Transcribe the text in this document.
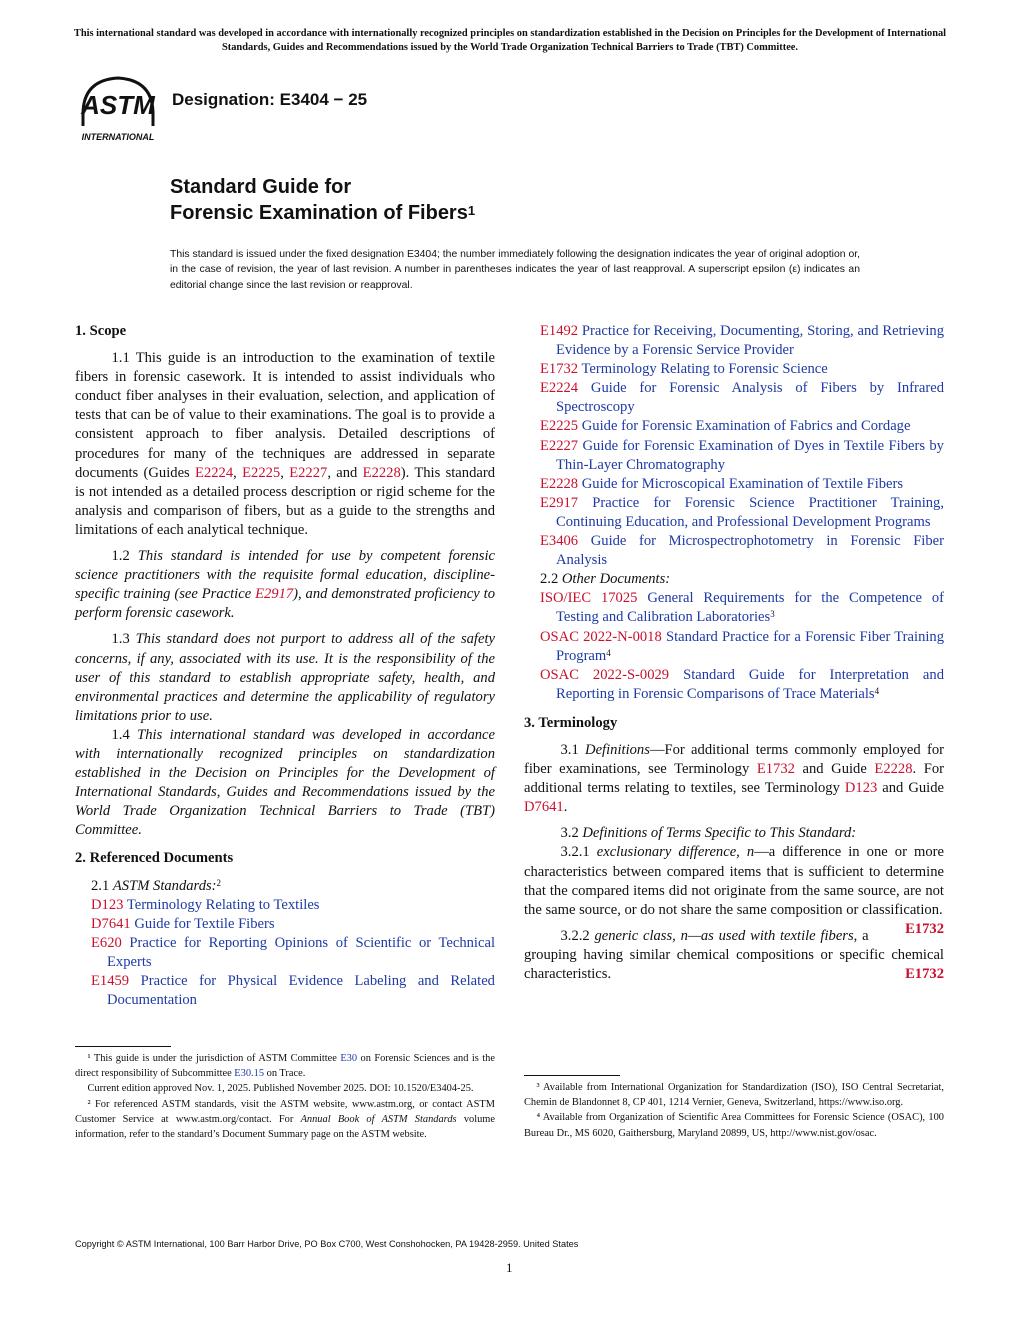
This international standard was developed in accordance with internationally recognized principles on standardization established in the Decision on Principles for the Development of International Standards, Guides and Recommendations issued by the World Trade Organization Technical Barriers to Trade (TBT) Committee.
ASTM
INTERNATIONAL
Designation: E3404 − 25
Standard Guide for
Forensic Examination of Fibers$^1$
This standard is issued under the fixed designation E3404; the number immediately following the designation indicates the year of original adoption or, in the case of revision, the year of last revision. A number in parentheses indicates the year of last reapproval. A superscript epsilon (ε) indicates an editorial change since the last revision or reapproval.
1. Scope

1.1 This guide is an introduction to the examination of textile fibers in forensic casework. It is intended to assist individuals who conduct fiber analyses in their evaluation, selection, and application of tests that can be of value to their examinations. The goal is to provide a consistent approach to fiber analysis. Detailed descriptions of procedures for many of the techniques are addressed in separate documents (Guides E2224, E2225, E2227, and E2228). This standard is not intended as a detailed process description or rigid scheme for the analysis and comparison of fibers, but as a guide to the strengths and limitations of each analytical technique.

1.2 This standard is intended for use by competent forensic science practitioners with the requisite formal education, discipline-specific training (see Practice E2917), and demonstrated proficiency to perform forensic casework.

1.3 This standard does not purport to address all of the safety concerns, if any, associated with its use. It is the responsibility of the user of this standard to establish appropriate safety, health, and environmental practices and determine the applicability of regulatory limitations prior to use.

1.4 This international standard was developed in accordance with internationally recognized principles on standardization established in the Decision on Principles for the Development of International Standards, Guides and Recommendations issued by the World Trade Organization Technical Barriers to Trade (TBT) Committee.

2. Referenced Documents
2.1 ASTM Standards:$^2$
D123 Terminology Relating to Textiles
D7641 Guide for Textile Fibers
E620 Practice for Reporting Opinions of Scientific or Technical Experts
E1459 Practice for Physical Evidence Labeling and Related Documentation

¹ This guide is under the jurisdiction of ASTM Committee E30 on Forensic Sciences and is the direct responsibility of Subcommittee E30.15 on Trace.

Current edition approved Nov. 1, 2025. Published November 2025. DOI: 10.1520/E3404-25.

² For referenced ASTM standards, visit the ASTM website, www.astm.org, or contact ASTM Customer Service at www.astm.org/contact. For Annual Book of ASTM Standards volume information, refer to the standard’s Document Summary page on the ASTM website.

E1492 Practice for Receiving, Documenting, Storing, and Retrieving Evidence by a Forensic Service Provider
E1732 Terminology Relating to Forensic Science
E2224 Guide for Forensic Analysis of Fibers by Infrared Spectroscopy
E2225 Guide for Forensic Examination of Fabrics and Cordage
E2227 Guide for Forensic Examination of Dyes in Textile Fibers by Thin-Layer Chromatography
E2228 Guide for Microscopical Examination of Textile Fibers
E2917 Practice for Forensic Science Practitioner Training, Continuing Education, and Professional Development Programs
E3406 Guide for Microspectrophotometry in Forensic Fiber Analysis
2.2 Other Documents:
ISO/IEC 17025 General Requirements for the Competence of Testing and Calibration Laboratories$^3$
OSAC 2022-N-0018 Standard Practice for a Forensic Fiber Training Program$^4$
OSAC 2022-S-0029 Standard Guide for Interpretation and Reporting in Forensic Comparisons of Trace Materials$^4$
3. Terminology

3.1 Definitions—For additional terms commonly employed for fiber examinations, see Terminology E1732 and Guide E2228. For additional terms relating to textiles, see Terminology D123 and Guide D7641.

3.2 Definitions of Terms Specific to This Standard:

3.2.1 exclusionary difference, n—a difference in one or more characteristics between compared items that is sufficient to determine that the compared items did not originate from the same source, are not the same source, or do not share the same composition or classification.
E1732

3.2.2 generic class, n—as used with textile fibers, a grouping having similar chemical compositions or specific chemical characteristics.	E1732

³ Available from International Organization for Standardization (ISO), ISO Central Secretariat, Chemin de Blandonnet 8, CP 401, 1214 Vernier, Geneva, Switzerland, https://www.iso.org.

⁴ Available from Organization of Scientific Area Committees for Forensic Science (OSAC), 100 Bureau Dr., MS 6020, Gaithersburg, Maryland 20899, US, http://www.nist.gov/osac.

Copyright © ASTM International, 100 Barr Harbor Drive, PO Box C700, West Conshohocken, PA 19428-2959. United States
1
